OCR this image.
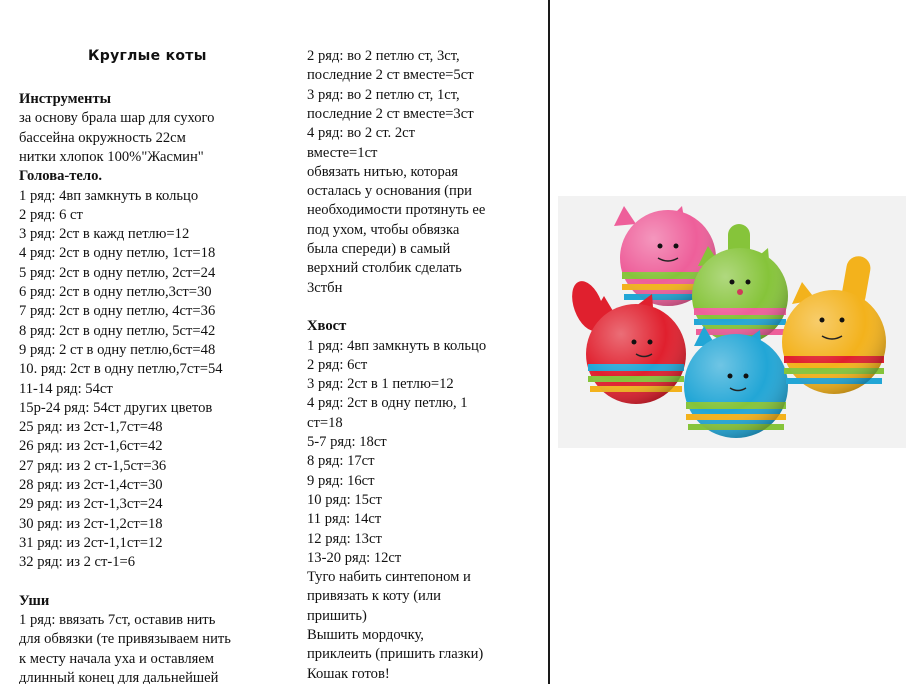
Круглые коты
Инструменты
за основу брала шар для сухого
бассейна окружность 22см
нитки хлопок 100%"Жасмин"
Голова-тело.
1 ряд: 4вп замкнуть в кольцо
2 ряд: 6 ст
3 ряд: 2ст в кажд петлю=12
4 ряд: 2ст в одну петлю, 1ст=18
5 ряд: 2ст в одну петлю, 2ст=24
6 ряд: 2ст в одну петлю,3ст=30
7 ряд: 2ст в одну петлю, 4ст=36
8 ряд: 2ст в одну петлю, 5ст=42
9 ряд: 2 ст в одну петлю,6ст=48
10. ряд: 2ст в одну петлю,7ст=54
11-14 ряд: 54ст
15р-24 ряд: 54ст других цветов
25 ряд: из 2ст-1,7ст=48
26 ряд: из 2ст-1,6ст=42
27 ряд: из 2 ст-1,5ст=36
28 ряд: из 2ст-1,4ст=30
29 ряд: из 2ст-1,3ст=24
30 ряд: из 2ст-1,2ст=18
31 ряд: из 2ст-1,1ст=12
32 ряд: из 2 ст-1=6
Уши
1 ряд: ввязать 7ст, оставив нить
для обвязки (те привязываем нить
к месту начала уха и оставляем
длинный конец для дальнейшей
2 ряд: во 2 петлю ст, 3ст,
последние 2 ст вместе=5ст
3 ряд: во 2 петлю ст, 1ст,
последние 2 ст вместе=3ст
4 ряд: во 2 ст. 2ст
вместе=1ст
обвязать нитью, которая
осталась у основания (при
необходимости протянуть ее
под ухом, чтобы обвязка
была спереди) в самый
верхний столбик сделать
3стбн
Хвост
1 ряд: 4вп замкнуть в кольцо
2 ряд: 6ст
3 ряд: 2ст в 1 петлю=12
4 ряд: 2ст в одну петлю, 1
ст=18
5-7 ряд: 18ст
8 ряд: 17ст
9 ряд: 16ст
10 ряд: 15ст
11 ряд: 14ст
12 ряд: 13ст
13-20 ряд: 12ст
Туго набить синтепоном и
привязать к коту (или
пришить)
Вышить мордочку,
приклеить (пришить глазки)
Кошак готов!
